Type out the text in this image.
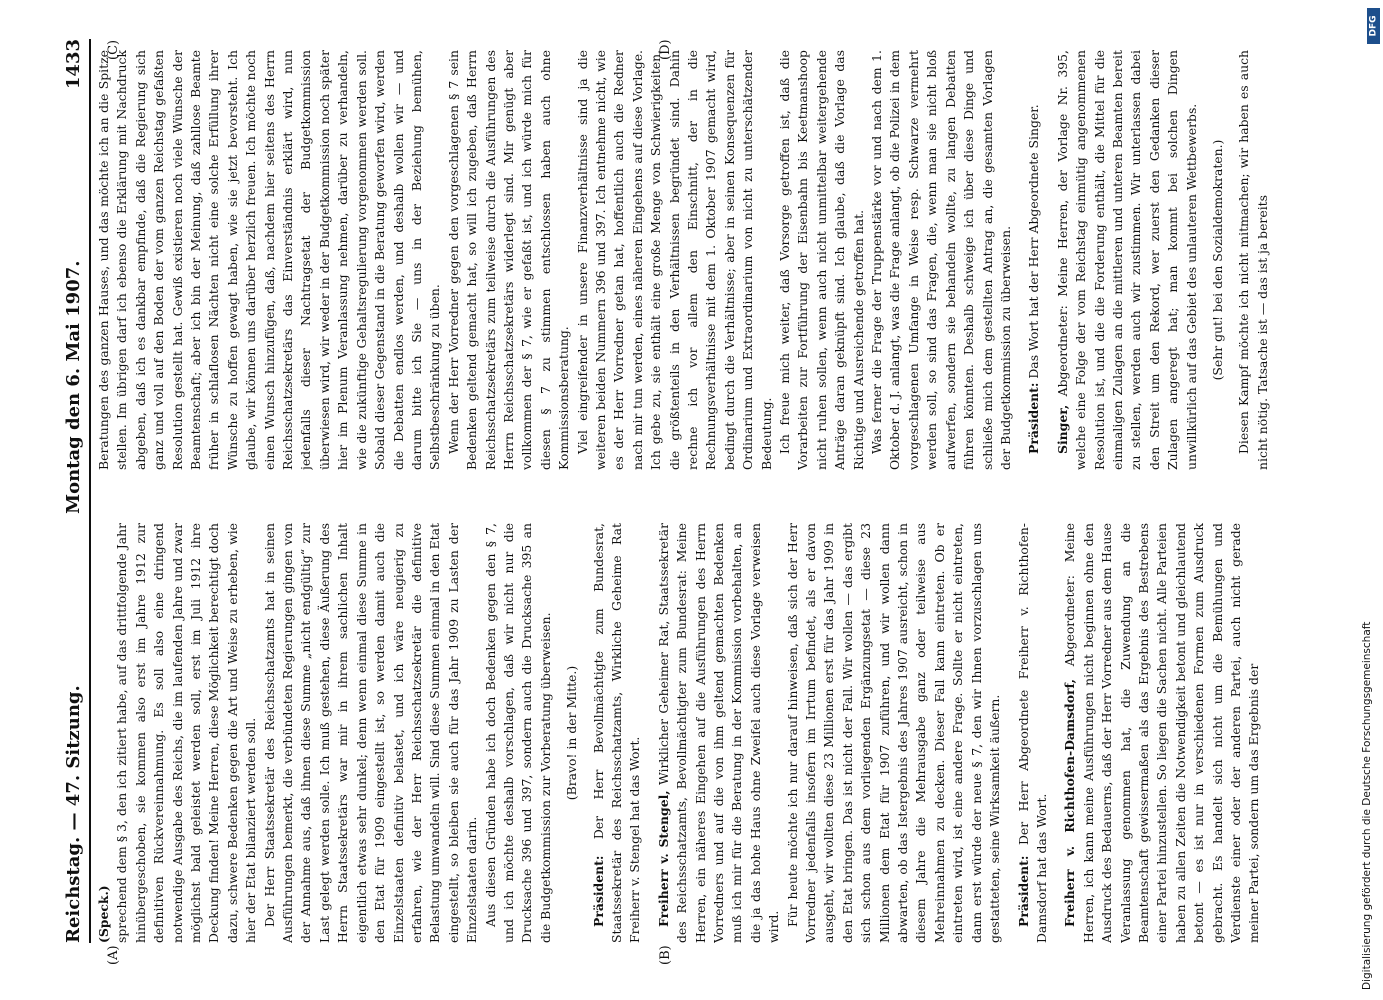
DFG
Digitalisierung gefördert durch die Deutsche Forschungsgemeinschaft
Reichstag. — 47. Sitzung.
Montag den 6. Mai 1907.
1433
(A)	(B)
(C)	(D)

(Speck.) sprechend dem § 3, den ich zitiert habe, auf das drittfolgende Jahr hinübergeschoben, sie kommen also erst im Jahre 1912 zur definitiven Rückvereinnahmung. Es soll also eine dringend notwendige Ausgabe des Reichs, die im laufenden Jahre und zwar möglichst bald geleistet werden soll, erst im Juli 1912 ihre Deckung finden! Meine Herren, diese Möglichkeit berechtigt doch dazu, schwere Bedenken gegen die Art und Weise zu erheben, wie hier der Etat bilanziert werden soll. Der Herr Staatssekretär des Reichsschatzamts hat in seinen Ausführungen bemerkt, die verbündeten Regierungen gingen von der Annahme aus, daß ihnen diese Summe „nicht endgültig“ zur Last gelegt werden solle. Ich muß gestehen, diese Äußerung des Herrn Staatssekretärs war mir in ihrem sachlichen Inhalt eigentlich etwas sehr dunkel; denn wenn einmal diese Summe in den Etat für 1909 eingestellt ist, so werden damit auch die Einzelstaaten definitiv belastet, und ich wäre neugierig zu erfahren, wie der Herr Reichsschatzsekretär die definitive Belastung umwandeln will. Sind diese Summen einmal in den Etat eingestellt, so bleiben sie auch für das Jahr 1909 zu Lasten der Einzelstaaten darin. Aus diesen Gründen habe ich doch Bedenken gegen den § 7, und ich möchte deshalb vorschlagen, daß wir nicht nur die Drucksache 396 und 397, sondern auch die Drucksache 395 an die Budgetkommission zur Vorberatung überweisen. (Bravo! in der Mitte.)

Präsident: Der Herr Bevollmächtigte zum Bundesrat, Staatssekretär des Reichsschatzamts, Wirkliche Geheime Rat Freiherr v. Stengel hat das Wort. Freiherr v. Stengel, Wirklicher Geheimer Rat, Staatssekretär des Reichsschatzamts, Bevollmächtigter zum Bundesrat: Meine Herren, ein näheres Eingehen auf die Ausführungen des Herrn Vorredners und auf die von ihm geltend gemachten Bedenken muß ich mir für die Beratung in der Kommission vorbehalten, an die ja das hohe Haus ohne Zweifel auch diese Vorlage verweisen wird. Für heute möchte ich nur darauf hinweisen, daß sich der Herr Vorredner jedenfalls insofern im Irrtum befindet, als er davon ausgeht, wir wollten diese 23 Millionen erst für das Jahr 1909 in den Etat bringen. Das ist nicht der Fall. Wir wollen — das ergibt sich schon aus dem vorliegenden Ergänzungsetat — diese 23 Millionen dem Etat für 1907 zuführen, und wir wollen dann abwarten, ob das Istergebnis des Jahres 1907 ausreicht, schon in diesem Jahre die Mehrausgabe ganz oder teilweise aus Mehreinnahmen zu decken. Dieser Fall kann eintreten. Ob er eintreten wird, ist eine andere Frage. Sollte er nicht eintreten, dann erst würde der neue § 7, den wir Ihnen vorzuschlagen uns gestatteten, seine Wirksamkeit äußern. Präsident: Der Herr Abgeordnete Freiherr v. Richthofen-Damsdorf hat das Wort. Freiherr v. Richthofen-Damsdorf, Abgeordneter: Meine Herren, ich kann meine Ausführungen nicht beginnen ohne den Ausdruck des Bedauerns, daß der Herr Vorredner aus dem Hause Veranlassung genommen hat, die Zuwendung an die Beamtenschaft gewissermaßen als das Ergebnis des Bestrebens einer Partei hinzustellen. So liegen die Sachen nicht. Alle Parteien haben zu allen Zeiten die Notwendigkeit betont und gleichlautend betont — es ist nur in verschiedenen Formen zum Ausdruck gebracht. Es handelt sich nicht um die Bemühungen und Verdienste einer oder der anderen Partei, auch nicht gerade meiner Partei, sondern um das Ergebnis der

Beratungen des ganzen Hauses, und das möchte ich an die Spitze stellen. Im übrigen darf ich ebenso die Erklärung mit Nachdruck abgeben, daß ich es dankbar empfinde, daß die Regierung sich ganz und voll auf den Boden der vom ganzen Reichstag gefaßten Resolution gestellt hat. Gewiß existieren noch viele Wünsche der Beamtenschaft; aber ich bin der Meinung, daß zahllose Beamte früher in schlaflosen Nächten nicht eine solche Erfüllung ihrer Wünsche zu hoffen gewagt haben, wie sie jetzt bevorsteht. Ich glaube, wir können uns darüber herzlich freuen. Ich möchte noch einen Wunsch hinzufügen, daß, nachdem hier seitens des Herrn Reichsschatzsekretärs das Einverständnis erklärt wird, nun jedenfalls dieser Nachtragsetat der Budgetkommission überwiesen wird, wir weder in der Budgetkommission noch später hier im Plenum Veranlassung nehmen, darüber zu verhandeln, wie die zukünftige Gehaltsregulierung vorgenommen werden soll. Sobald dieser Gegenstand in die Beratung geworfen wird, werden die Debatten endlos werden, und deshalb wollen wir — und darum bitte ich Sie — uns in der Beziehung bemühen, Selbstbeschränkung zu üben. Wenn der Herr Vorredner gegen den vorgeschlagenen § 7 sein Bedenken geltend gemacht hat, so will ich zugeben, daß Herrn Reichsschatzsekretärs zum teilweise durch die Ausführungen des Herrn Reichsschatzsekretärs widerlegt sind. Mir genügt aber vollkommen der § 7, wie er gefaßt ist, und ich würde mich für diesen § 7 zu stimmen entschlossen haben auch ohne Kommissionsberatung. Viel eingreifender in unsere Finanzverhältnisse sind ja die weiteren beiden Nummern 396 und 397. Ich entnehme nicht, wie es der Herr Vorredner getan hat, hoffentlich auch die Redner nach mir tun werden, eines näheren Eingehens auf diese Vorlage. Ich gebe zu, sie enthält eine große Menge von Schwierigkeiten, die größtenteils in den Verhältnissen begründet sind. Dahin rechne ich vor allem den Einschnitt, der in die Rechnungsverhältnisse mit dem 1. Oktober 1907 gemacht wird, bedingt durch die Verhältnisse; aber in seinen Konsequenzen für Ordinarium und Extraordinarium von nicht zu unterschätzender Bedeutung. Ich freue mich weiter, daß Vorsorge getroffen ist, daß die Vorarbeiten zur Fortführung der Eisenbahn bis Keetmanshoop nicht ruhen sollen, wenn auch nicht unmittelbar weitergehende Anträge daran geknüpft sind. Ich glaube, daß die Vorlage das Richtige und Ausreichende getroffen hat. Was ferner die Frage der Truppenstärke vor und nach dem 1. Oktober d. J. anlangt, was die Frage anlangt, ob die Polizei in dem vorgeschlagenen Umfange in Weise resp. Schwarze vermehrt werden soll, so sind das Fragen, die, wenn man sie nicht bloß aufwerfen, sondern sie behandeln wollte, zu langen Debatten führen könnten. Deshalb schweige ich über diese Dinge und schließe mich dem gestellten Antrag an, die gesamten Vorlagen der Budgetkommission zu überweisen. Präsident: Das Wort hat der Herr Abgeordnete Singer.

Singer, Abgeordneter: Meine Herren, der Vorlage Nr. 395, welche eine Folge der vom Reichstag einmütig angenommenen Resolution ist, und die die Forderung enthält, die Mittel für die einmaligen Zulagen an die mittleren und unteren Beamten bereit zu stellen, werden auch wir zustimmen. Wir unterlassen dabei den Streit um den Rekord, wer zuerst den Gedanken dieser Zulagen angeregt hat; man kommt bei solchen Dingen unwillkürlich auf das Gebiet des unlauteren Wettbewerbs. (Sehr gut! bei den Sozialdemokraten.) Diesen Kampf möchte ich nicht mitmachen; wir haben es auch nicht nötig. Tatsache ist — das ist ja bereits
